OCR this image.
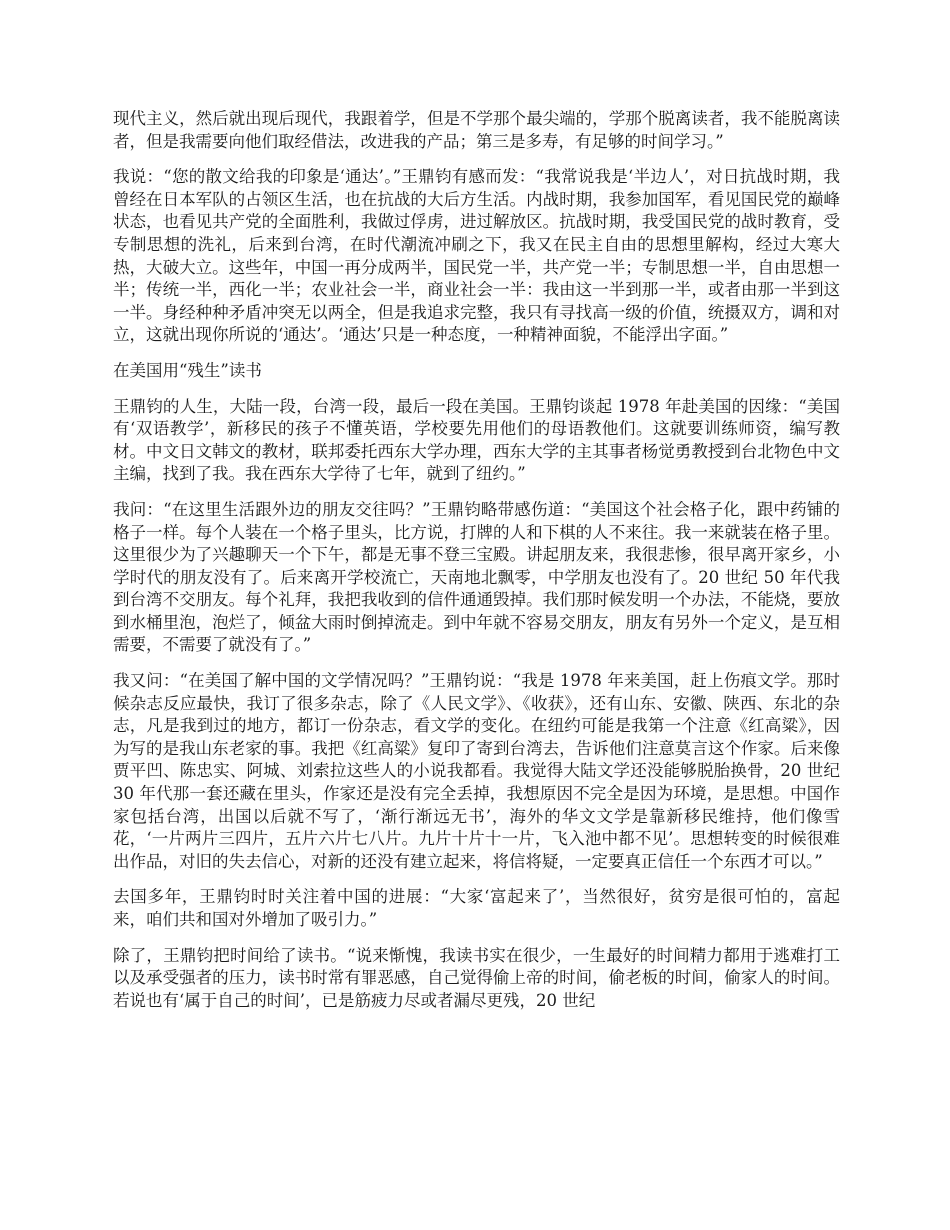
现代主义，然后就出现后现代，我跟着学，但是不学那个最尖端的，学那个脱离读者，我不能脱离读者，但是我需要向他们取经借法，改进我的产品；第三是多寿，有足够的时间学习。”

我说：“您的散文给我的印象是‘通达’。”王鼎钧有感而发：“我常说我是‘半边人’，对日抗战时期，我曾经在日本军队的占领区生活，也在抗战的大后方生活。内战时期，我参加国军，看见国民党的巅峰状态，也看见共产党的全面胜利，我做过俘虏，进过解放区。抗战时期，我受国民党的战时教育，受专制思想的洗礼，后来到台湾，在时代潮流冲刷之下，我又在民主自由的思想里解构，经过大寒大热，大破大立。这些年，中国一再分成两半，国民党一半，共产党一半；专制思想一半，自由思想一半；传统一半，西化一半；农业社会一半，商业社会一半：我由这一半到那一半，或者由那一半到这一半。身经种种矛盾冲突无以两全，但是我追求完整，我只有寻找高一级的价值，统摄双方，调和对立，这就出现你所说的‘通达’。‘通达’只是一种态度，一种精神面貌，不能浮出字面。”

在美国用“残生”读书

王鼎钧的人生，大陆一段，台湾一段，最后一段在美国。王鼎钧谈起 1978 年赴美国的因缘：“美国有‘双语教学’，新移民的孩子不懂英语，学校要先用他们的母语教他们。这就要训练师资，编写教材。中文日文韩文的教材，联邦委托西东大学办理，西东大学的主其事者杨觉勇教授到台北物色中文主编，找到了我。我在西东大学待了七年，就到了纽约。”

我问：“在这里生活跟外边的朋友交往吗？”王鼎钧略带感伤道：“美国这个社会格子化，跟中药铺的格子一样。每个人装在一个格子里头，比方说，打牌的人和下棋的人不来往。我一来就装在格子里。这里很少为了兴趣聊天一个下午，都是无事不登三宝殿。讲起朋友来，我很悲惨，很早离开家乡，小学时代的朋友没有了。后来离开学校流亡，天南地北飘零，中学朋友也没有了。20 世纪 50 年代我到台湾不交朋友。每个礼拜，我把我收到的信件通通毁掉。我们那时候发明一个办法，不能烧，要放到水桶里泡，泡烂了，倾盆大雨时倒掉流走。到中年就不容易交朋友，朋友有另外一个定义，是互相需要，不需要了就没有了。”

我又问：“在美国了解中国的文学情况吗？”王鼎钧说：“我是 1978 年来美国，赶上伤痕文学。那时候杂志反应最快，我订了很多杂志，除了《人民文学》、《收获》，还有山东、安徽、陕西、东北的杂志，凡是我到过的地方，都订一份杂志，看文学的变化。在纽约可能是我第一个注意《红高粱》，因为写的是我山东老家的事。我把《红高粱》复印了寄到台湾去，告诉他们注意莫言这个作家。后来像贾平凹、陈忠实、阿城、刘索拉这些人的小说我都看。我觉得大陆文学还没能够脱胎换骨，20 世纪 30 年代那一套还藏在里头，作家还是没有完全丢掉，我想原因不完全是因为环境，是思想。中国作家包括台湾，出国以后就不写了，‘渐行渐远无书’，海外的华文文学是靠新移民维持，他们像雪花，‘一片两片三四片，五片六片七八片。九片十片十一片，飞入池中都不见’。思想转变的时候很难出作品，对旧的失去信心，对新的还没有建立起来，将信将疑，一定要真正信任一个东西才可以。”

去国多年，王鼎钧时时关注着中国的进展：“大家‘富起来了’，当然很好，贫穷是很可怕的，富起来，咱们共和国对外增加了吸引力。”

除了，王鼎钧把时间给了读书。“说来惭愧，我读书实在很少，一生最好的时间精力都用于逃难打工以及承受强者的压力，读书时常有罪恶感，自己觉得偷上帝的时间，偷老板的时间，偷家人的时间。若说也有‘属于自己的时间’，已是筋疲力尽或者漏尽更残，20 世纪
